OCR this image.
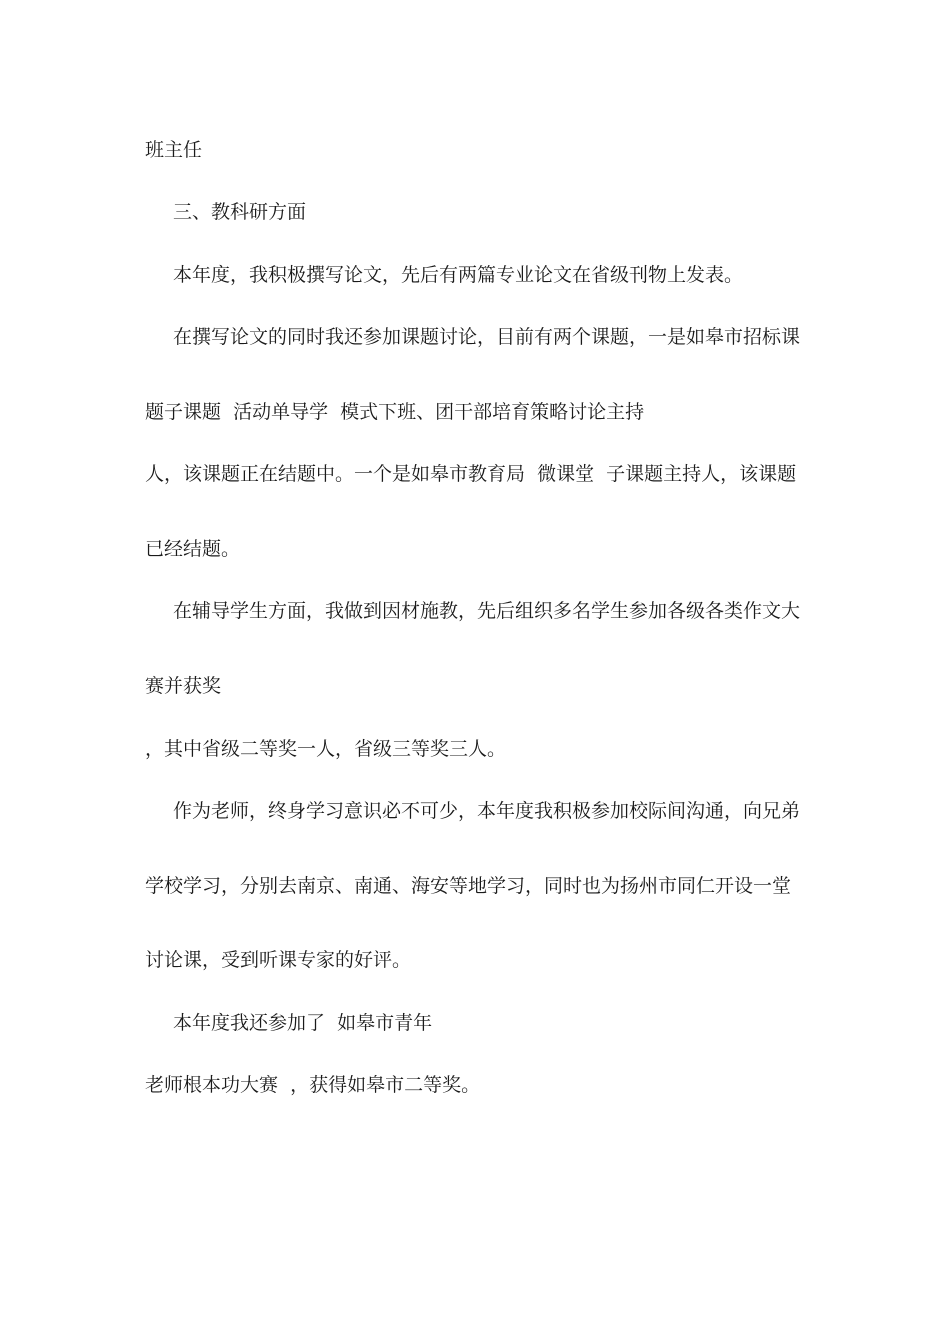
班主任

三、教科研方面

本年度，我积极撰写论文，先后有两篇专业论文在省级刊物上发表。

在撰写论文的同时我还参加课题讨论，目前有两个课题，一是如皋市招标课

题子课题  活动单导学  模式下班、团干部培育策略讨论主持

人，该课题正在结题中。一个是如皋市教育局  微课堂  子课题主持人，该课题

已经结题。

在辅导学生方面，我做到因材施教，先后组织多名学生参加各级各类作文大

赛并获奖

，其中省级二等奖一人，省级三等奖三人。

作为老师，终身学习意识必不可少，本年度我积极参加校际间沟通，向兄弟

学校学习，分别去南京、南通、海安等地学习，同时也为扬州市同仁开设一堂

讨论课，受到听课专家的好评。

本年度我还参加了  如皋市青年

老师根本功大赛  ，获得如皋市二等奖。
